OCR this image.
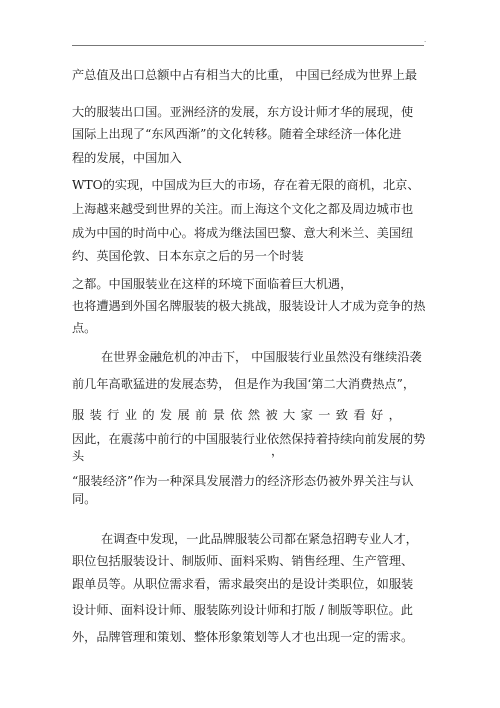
.
产总值及出口总额中占有相当大的比重， 中国已经成为世界上最
大的服装出口国。亚洲经济的发展，东方设计师才华的展现，使
国际上出现了“东风西渐”的文化转移。随着全球经济一体化进
程的发展，中国加入
WTO的实现，中国成为巨大的市场，存在着无限的商机，北京、
上海越来越受到世界的关注。而上海这个文化之都及周边城市也
成为中国的时尚中心。将成为继法国巴黎、意大利米兰、美国纽
约、英国伦敦、日本东京之后的另一个时装
之都。中国服装业在这样的环境下面临着巨大机遇，
也将遭遇到外国名牌服装的极大挑战，服装设计人才成为竞争的热
点。
在世界金融危机的冲击下， 中国服装行业虽然没有继续沿袭
前几年高歌猛进的发展态势， 但是作为我国‘第二大消费热点”，
服装行业的发展前景依然被大家一致看好，
因此，在震荡中前行的中国服装行业依然保持着持续向前发展的势
头	，
“服装经济”作为一种深具发展潜力的经济形态仍被外界关注与认
同。
在调查中发现，一此品牌服装公司都在紧急招聘专业人才，
职位包括服装设计、制版师、面料采购、销售经理、生产管理、
跟单员等。从职位需求看，需求最突出的是设计类职位，如服装
设计师、面料设计师、服装陈列设计师和打版 / 制版等职位。此
外，品牌管理和策划、整体形象策划等人才也出现一定的需求。
